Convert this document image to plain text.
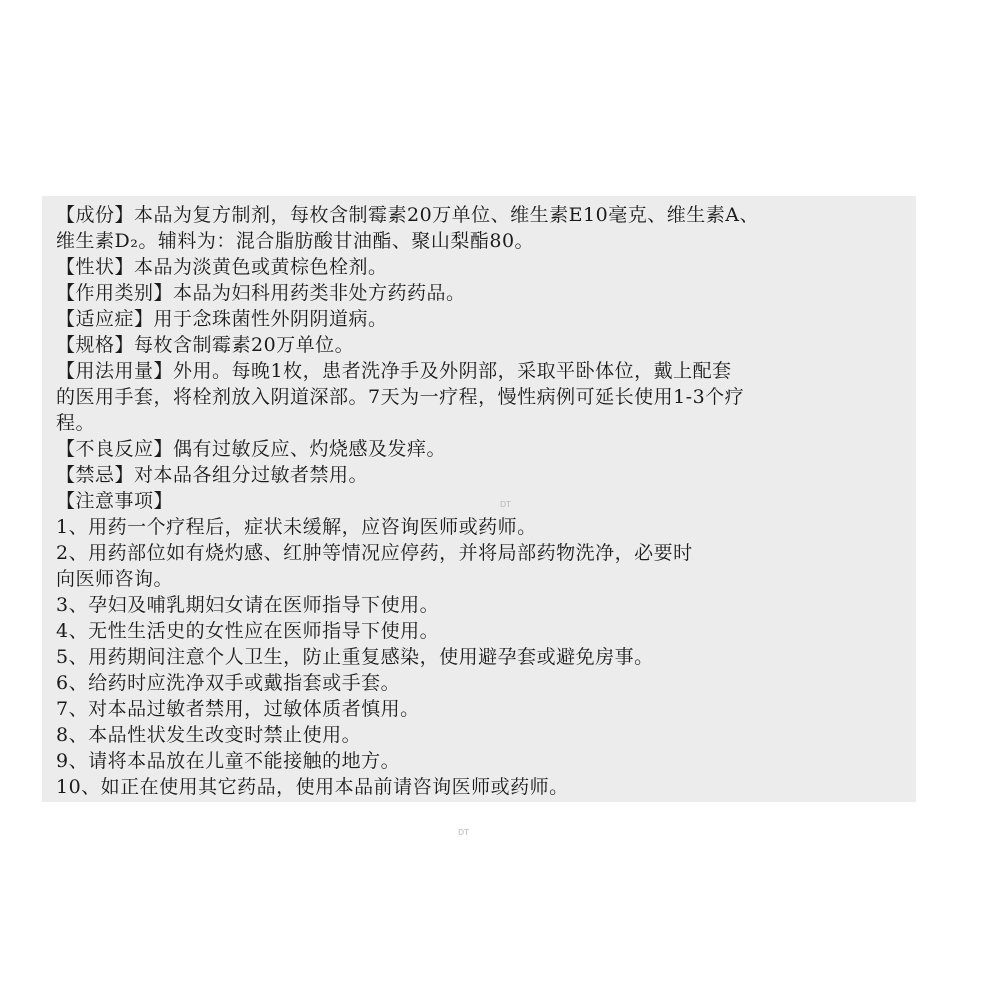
【成份】本品为复方制剂，每枚含制霉素20万单位、维生素E10毫克、维生素A、
维生素D₂。辅料为：混合脂肪酸甘油酯、聚山梨酯80。
【性状】本品为淡黄色或黄棕色栓剂。
【作用类别】本品为妇科用药类非处方药药品。
【适应症】用于念珠菌性外阴阴道病。
【规格】每枚含制霉素20万单位。
【用法用量】外用。每晚1枚，患者洗净手及外阴部，采取平卧体位，戴上配套
的医用手套，将栓剂放入阴道深部。7天为一疗程，慢性病例可延长使用1-3个疗
程。
【不良反应】偶有过敏反应、灼烧感及发痒。
【禁忌】对本品各组分过敏者禁用。
【注意事项】
1、用药一个疗程后，症状未缓解，应咨询医师或药师。
2、用药部位如有烧灼感、红肿等情况应停药，并将局部药物洗净，必要时
向医师咨询。
3、孕妇及哺乳期妇女请在医师指导下使用。
4、无性生活史的女性应在医师指导下使用。
5、用药期间注意个人卫生，防止重复感染，使用避孕套或避免房事。
6、给药时应洗净双手或戴指套或手套。
7、对本品过敏者禁用，过敏体质者慎用。
8、本品性状发生改变时禁止使用。
9、请将本品放在儿童不能接触的地方。
10、如正在使用其它药品，使用本品前请咨询医师或药师。
DT
DT
